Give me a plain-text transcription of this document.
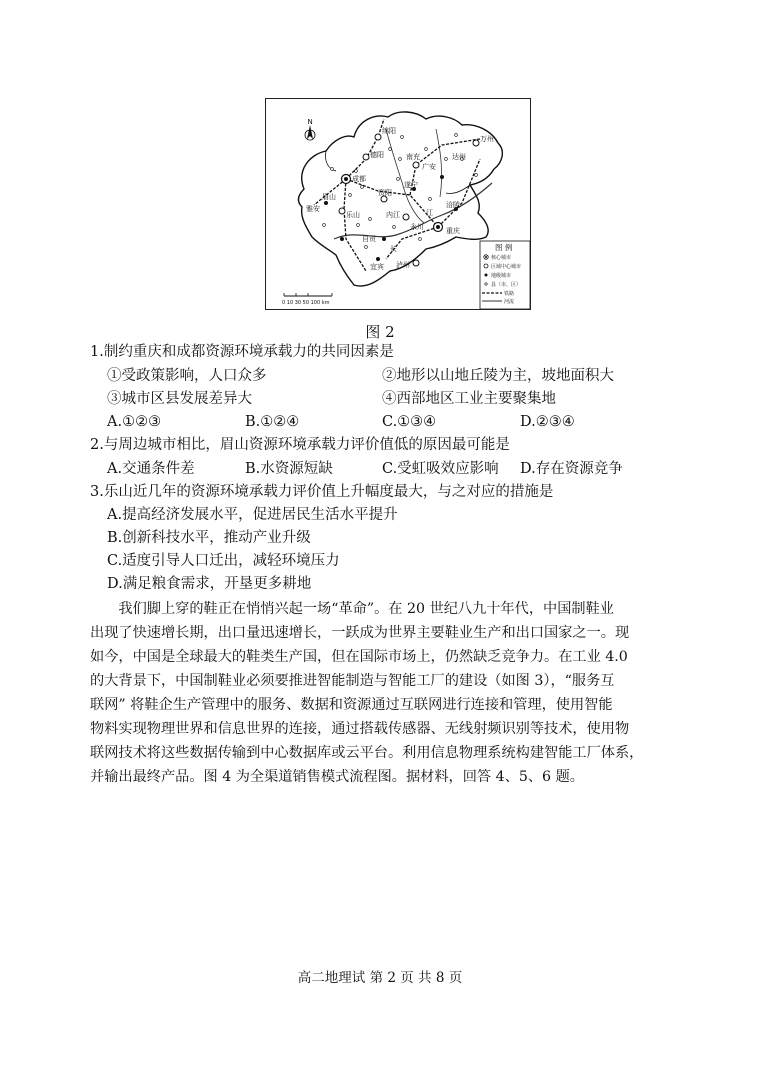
N
绵阳
德阳	南充	达州
万州
成都
广安
遂宁
雅安
眉山	资阳
内江
涪陵
重庆
乐山
永川
自贡
宜宾 泸州
长
江
图 例
核心城市
区域中心城市
地级城市
县（市、区）
铁路
河流
0 10 30 50 100 km
图 2
1.制约重庆和成都资源环境承载力的共同因素是
①受政策影响，人口众多	②地形以山地丘陵为主，坡地面积大
③城市区县发展差异大	④西部地区工业主要聚集地
A.①②③	B.①②④	C.①③④	D.②③④
2.与周边城市相比，眉山资源环境承载力评价值低的原因最可能是
A.交通条件差	B.水资源短缺	C.受虹吸效应影响 D.存在资源竞争
3.乐山近几年的资源环境承载力评价值上升幅度最大，与之对应的措施是
A.提高经济发展水平，促进居民生活水平提升
B.创新科技水平，推动产业升级
C.适度引导人口迁出，减轻环境压力
D.满足粮食需求，开垦更多耕地
　　我们脚上穿的鞋正在悄悄兴起一场“革命”。在 20 世纪八九十年代，中国制鞋业
出现了快速增长期，出口量迅速增长，一跃成为世界主要鞋业生产和出口国家之一。现
如今，中国是全球最大的鞋类生产国，但在国际市场上，仍然缺乏竞争力。在工业 4.0
的大背景下，中国制鞋业必须要推进智能制造与智能工厂的建设（如图 3），“服务互
联网” 将鞋企生产管理中的服务、数据和资源通过互联网进行连接和管理，使用智能
物料实现物理世界和信息世界的连接，通过搭载传感器、无线射频识别等技术，使用物
联网技术将这些数据传输到中心数据库或云平台。利用信息物理系统构建智能工厂体系，
并输出最终产品。图 4 为全渠道销售模式流程图。据材料，回答 4、5、6 题。
高二地理试 第 2 页 共 8 页
